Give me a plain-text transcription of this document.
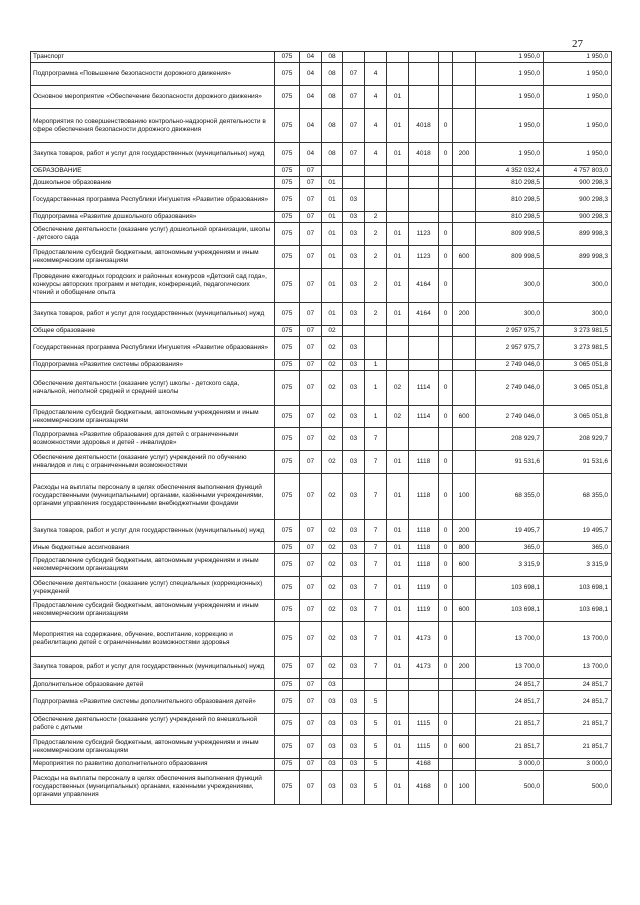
27
Транспорт	075	04	08							1 950,0	1 950,0
Подпрограмма «Повышение безопасности дорожного движения»	075	04	08	07	4					1 950,0	1 950,0
Основное мероприятие «Обеспечение безопасности дорожного движения»	075	04	08	07	4	01				1 950,0	1 950,0
Мероприятия по совершенствованию контрольно-надзорной деятельности в сфере обеспечения безопасности дорожного движения	075	04	08	07	4	01	4018	0		1 950,0	1 950,0
Закупка товаров, работ и услуг для государственных (муниципальных) нужд	075	04	08	07	4	01	4018	0	200	1 950,0	1 950,0
ОБРАЗОВАНИЕ	075	07								4 352 032,4	4 757 803,0
Дошкольное образование	075	07	01							810 298,5	900 298,3
Государственная программа Республики Ингушетия «Развитие образования»	075	07	01	03						810 298,5	900 298,3
Подпрограмма «Развитие дошкольного образования»	075	07	01	03	2					810 298,5	900 298,3
Обеспечение деятельности (оказание услуг) дошкольной организации, школы - детского сада	075	07	01	03	2	01	1123	0		809 998,5	899 998,3
Предоставление субсидий бюджетным, автономным учреждениям и иным некоммерческим организациям	075	07	01	03	2	01	1123	0	600	809 998,5	899 998,3
Проведение ежегодных городских и районных конкурсов «Детский сад года», конкурсы авторских программ и методик, конференций, педагогических чтений и обобщение опыта	075	07	01	03	2	01	4164	0		300,0	300,0
Закупка товаров, работ и услуг для государственных (муниципальных) нужд	075	07	01	03	2	01	4164	0	200	300,0	300,0
Общее образование	075	07	02							2 957 975,7	3 273 981,5
Государственная программа Республики Ингушетия «Развитие образования»	075	07	02	03						2 957 975,7	3 273 981,5
Подпрограмма «Развитие системы образования»	075	07	02	03	1					2 749 046,0	3 065 051,8
Обеспечение деятельности (оказание услуг) школы - детского сада, начальной, неполной средней и средней школы	075	07	02	03	1	02	1114	0		2 749 046,0	3 065 051,8
Предоставление субсидий бюджетным, автономным учреждениям и иным некоммерческим организациям	075	07	02	03	1	02	1114	0	600	2 749 046,0	3 065 051,8
Подпрограмма «Развитие образования для детей с ограниченными возможностями здоровья и детей - инвалидов»	075	07	02	03	7					208 929,7	208 929,7
Обеспечение деятельности (оказание услуг) учреждений по обучению инвалидов и лиц с ограниченными возможностями	075	07	02	03	7	01	1118	0		91 531,6	91 531,6
Расходы на выплаты персоналу в целях обеспечения выполнения функций государственными (муниципальными) органами, казёнными учреждениями, органами управления государственными внебюджетными фондами	075	07	02	03	7	01	1118	0	100	68 355,0	68 355,0
Закупка товаров, работ и услуг для государственных (муниципальных) нужд	075	07	02	03	7	01	1118	0	200	19 495,7	19 495,7
Иные бюджетные ассигнования	075	07	02	03	7	01	1118	0	800	365,0	365,0
Предоставление субсидий бюджетным, автономным учреждениям и иным некоммерческим организациям	075	07	02	03	7	01	1118	0	600	3 315,9	3 315,9
Обеспечение деятельности (оказание услуг) специальных (коррекционных) учреждений	075	07	02	03	7	01	1119	0		103 698,1	103 698,1
Предоставление субсидий бюджетным, автономным учреждениям и иным некоммерческим организациям	075	07	02	03	7	01	1119	0	600	103 698,1	103 698,1
Мероприятия на содержание, обучение, воспитание, коррекцию и реабилитацию детей с ограниченными возможностями здоровья	075	07	02	03	7	01	4173	0		13 700,0	13 700,0
Закупка товаров, работ и услуг для государственных (муниципальных) нужд	075	07	02	03	7	01	4173	0	200	13 700,0	13 700,0
Дополнительное образование детей	075	07	03							24 851,7	24 851,7
Подпрограмма «Развитие системы дополнительного образования детей»	075	07	03	03	5					24 851,7	24 851,7
Обеспечение деятельности (оказание услуг) учреждений по внешкольной работе с детьми	075	07	03	03	5	01	1115	0		21 851,7	21 851,7
Предоставление субсидий бюджетным, автономным учреждениям и иным некоммерческим организациям	075	07	03	03	5	01	1115	0	600	21 851,7	21 851,7
Мероприятия по развитию дополнительного образования	075	07	03	03	5		4168			3 000,0	3 000,0
Расходы на выплаты персоналу в целях обеспечения выполнения функций государственных (муниципальных) органами, казенными учреждениями, органами управления	075	07	03	03	5	01	4168	0	100	500,0	500,0
